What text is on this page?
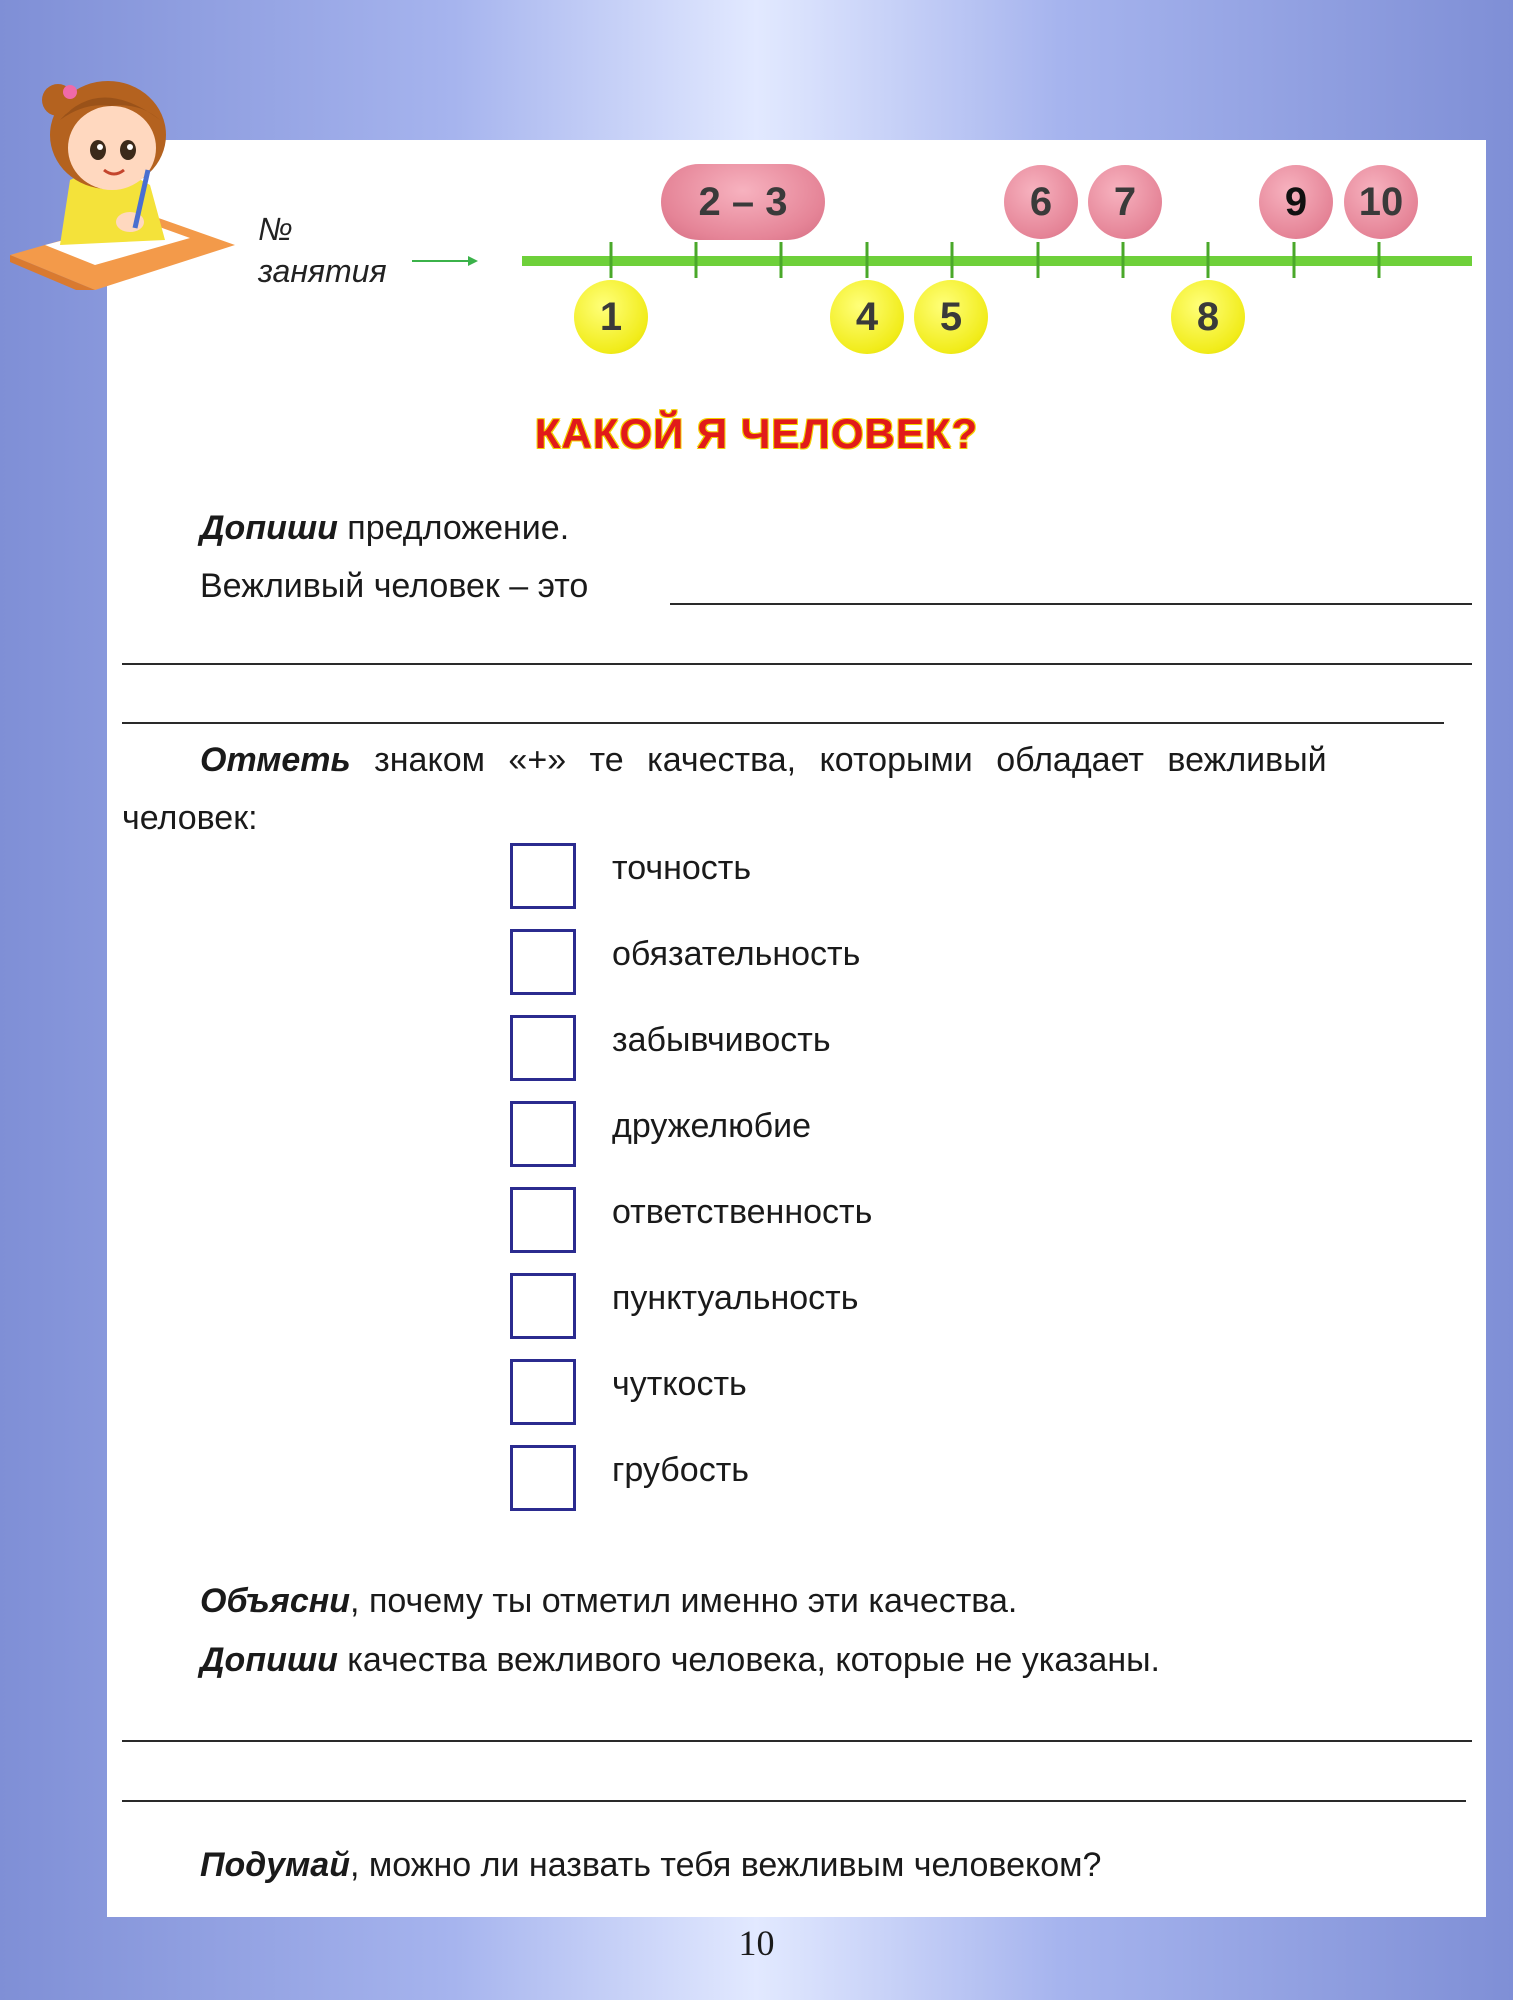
№
занятия
2 – 3	6	7	9	10
1	4	5	8
КАКОЙ Я ЧЕЛОВЕК?
Допиши предложение.
Вежливый человек – это
Отметь знаком «+» те качества, которыми обладает вежливый
человек:
точность
обязательность
забывчивость
дружелюбие
ответственность
пунктуальность
чуткость
грубость
Объясни, почему ты отметил именно эти качества.
Допиши качества вежливого человека, которые не указаны.
Подумай, можно ли назвать тебя вежливым человеком?
10
